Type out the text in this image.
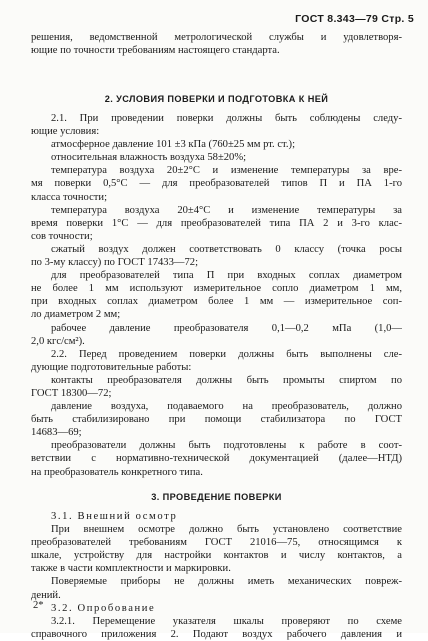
ГОСТ 8.343—79 Стр. 5
решения, ведомственной метрологической службы и удовлетворя-
ющие по точности требованиям настоящего стандарта.
2. УСЛОВИЯ ПОВЕРКИ И ПОДГОТОВКА К НЕЙ
2.1. При проведении поверки должны быть соблюдены следу-
ющие условия:
атмосферное давление 101 ±3 кПа (760±25 мм рт. ст.);
относительная влажность воздуха 58±20%;
температура воздуха 20±2°C и изменение температуры за вре-
мя поверки 0,5°C — для преобразователей типов П и ПА 1-го
класса точности;
температура воздуха 20±4°C и изменение температуры за
время поверки 1°C — для преобразователей типа ПА 2 и 3-го клас-
сов точности;
сжатый воздух должен соответствовать 0 классу (точка росы
по 3-му классу) по ГОСТ 17433—72;
для преобразователей типа П при входных соплах диаметром
не более 1 мм используют измерительное сопло диаметром 1 мм,
при входных соплах диаметром более 1 мм — измерительное соп-
ло диаметром 2 мм;
рабочее давление преобразователя 0,1—0,2 мПа (1,0—
2,0 кгс/см²).
2.2. Перед проведением поверки должны быть выполнены сле-
дующие подготовительные работы:
контакты преобразователя должны быть промыты спиртом по
ГОСТ 18300—72;
давление воздуха, подаваемого на преобразователь, должно
быть стабилизировано при помощи стабилизатора по ГОСТ
14683—69;
преобразователи должны быть подготовлены к работе в соот-
ветствии с нормативно-технической документацией (далее—НТД)
на преобразователь конкретного типа.
3. ПРОВЕДЕНИЕ ПОВЕРКИ
3.1. Внешний осмотр
При внешнем осмотре должно быть установлено соответствие
преобразователей требованиям ГОСТ 21016—75, относящимся к
шкале, устройству для настройки контактов и числу контактов, а
также в части комплектности и маркировки.
Поверяемые приборы не должны иметь механических повреж-
дений.
3.2. Опробование
3.2.1. Перемещение указателя шкалы проверяют по схеме
справочного приложения 2. Подают воздух рабочего давления и
2*
